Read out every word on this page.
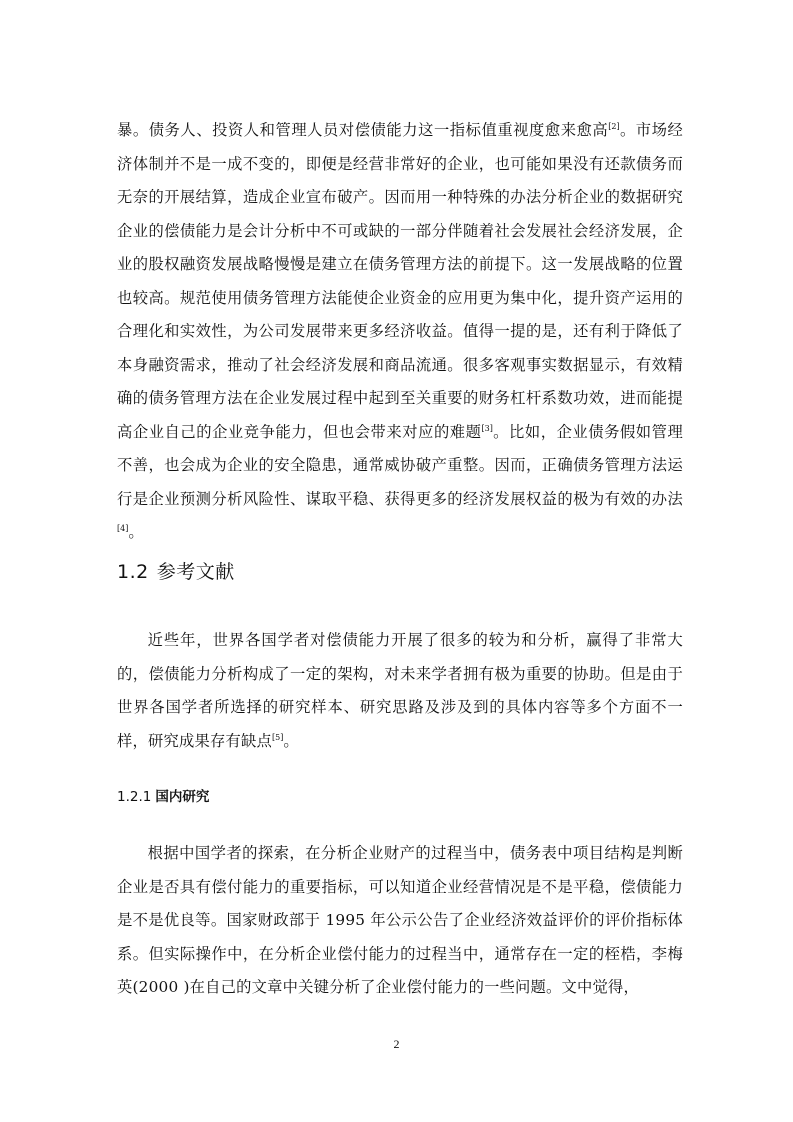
暴。债务人、投资人和管理人员对偿债能力这一指标值重视度愈来愈高[2]。市场经济体制并不是一成不变的，即便是经营非常好的企业，也可能如果没有还款债务而无奈的开展结算，造成企业宣布破产。因而用一种特殊的办法分析企业的数据研究企业的偿债能力是会计分析中不可或缺的一部分伴随着社会发展社会经济发展，企业的股权融资发展战略慢慢是建立在债务管理方法的前提下。这一发展战略的位置也较高。规范使用债务管理方法能使企业资金的应用更为集中化，提升资产运用的合理化和实效性，为公司发展带来更多经济收益。值得一提的是，还有利于降低了本身融资需求，推动了社会经济发展和商品流通。很多客观事实数据显示，有效精确的债务管理方法在企业发展过程中起到至关重要的财务杠杆系数功效，进而能提高企业自己的企业竞争能力，但也会带来对应的难题[3]。比如，企业债务假如管理不善，也会成为企业的安全隐患，通常威协破产重整。因而，正确债务管理方法运行是企业预测分析风险性、谋取平稳、获得更多的经济发展权益的极为有效的办法[4]。

1.2 参考文献

近些年，世界各国学者对偿债能力开展了很多的较为和分析，赢得了非常大的，偿债能力分析构成了一定的架构，对未来学者拥有极为重要的协助。但是由于世界各国学者所选择的研究样本、研究思路及涉及到的具体内容等多个方面不一样，研究成果存有缺点[5]。

1.2.1 国内研究

根据中国学者的探索，在分析企业财产的过程当中，债务表中项目结构是判断企业是否具有偿付能力的重要指标，可以知道企业经营情况是不是平稳，偿债能力是不是优良等。国家财政部于 1995 年公示公告了企业经济效益评价的评价指标体系。但实际操作中，在分析企业偿付能力的过程当中，通常存在一定的桎梏，李梅英(2000 )在自己的文章中关键分析了企业偿付能力的一些问题。文中觉得，

2
